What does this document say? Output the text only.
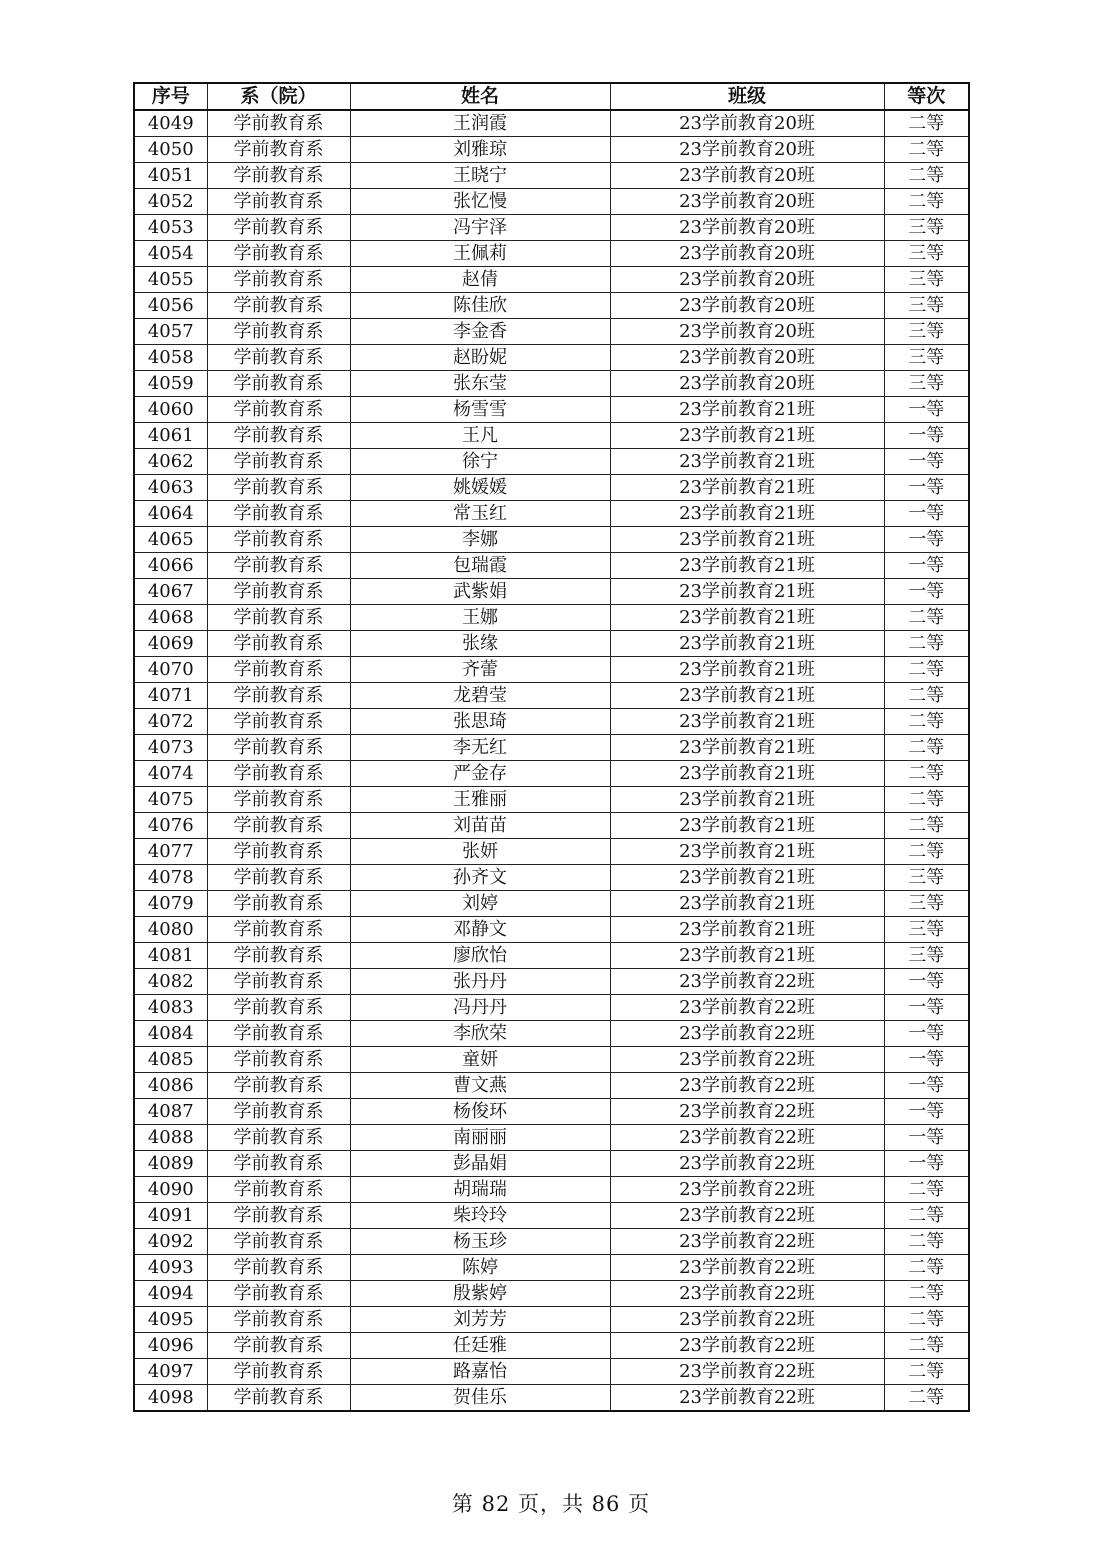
序号	系（院）	姓名	班级	等次
4049	学前教育系	王润霞	23学前教育20班	二等
4050	学前教育系	刘雅琼	23学前教育20班	二等
4051	学前教育系	王晓宁	23学前教育20班	二等
4052	学前教育系	张忆慢	23学前教育20班	二等
4053	学前教育系	冯宇泽	23学前教育20班	三等
4054	学前教育系	王佩莉	23学前教育20班	三等
4055	学前教育系	赵倩	23学前教育20班	三等
4056	学前教育系	陈佳欣	23学前教育20班	三等
4057	学前教育系	李金香	23学前教育20班	三等
4058	学前教育系	赵盼妮	23学前教育20班	三等
4059	学前教育系	张东莹	23学前教育20班	三等
4060	学前教育系	杨雪雪	23学前教育21班	一等
4061	学前教育系	王凡	23学前教育21班	一等
4062	学前教育系	徐宁	23学前教育21班	一等
4063	学前教育系	姚媛媛	23学前教育21班	一等
4064	学前教育系	常玉红	23学前教育21班	一等
4065	学前教育系	李娜	23学前教育21班	一等
4066	学前教育系	包瑞霞	23学前教育21班	一等
4067	学前教育系	武紫娟	23学前教育21班	一等
4068	学前教育系	王娜	23学前教育21班	二等
4069	学前教育系	张缘	23学前教育21班	二等
4070	学前教育系	齐蕾	23学前教育21班	二等
4071	学前教育系	龙碧莹	23学前教育21班	二等
4072	学前教育系	张思琦	23学前教育21班	二等
4073	学前教育系	李无红	23学前教育21班	二等
4074	学前教育系	严金存	23学前教育21班	二等
4075	学前教育系	王雅丽	23学前教育21班	二等
4076	学前教育系	刘苗苗	23学前教育21班	二等
4077	学前教育系	张妍	23学前教育21班	二等
4078	学前教育系	孙齐文	23学前教育21班	三等
4079	学前教育系	刘婷	23学前教育21班	三等
4080	学前教育系	邓静文	23学前教育21班	三等
4081	学前教育系	廖欣怡	23学前教育21班	三等
4082	学前教育系	张丹丹	23学前教育22班	一等
4083	学前教育系	冯丹丹	23学前教育22班	一等
4084	学前教育系	李欣荣	23学前教育22班	一等
4085	学前教育系	童妍	23学前教育22班	一等
4086	学前教育系	曹文燕	23学前教育22班	一等
4087	学前教育系	杨俊环	23学前教育22班	一等
4088	学前教育系	南丽丽	23学前教育22班	一等
4089	学前教育系	彭晶娟	23学前教育22班	一等
4090	学前教育系	胡瑞瑞	23学前教育22班	二等
4091	学前教育系	柴玲玲	23学前教育22班	二等
4092	学前教育系	杨玉珍	23学前教育22班	二等
4093	学前教育系	陈婷	23学前教育22班	二等
4094	学前教育系	殷紫婷	23学前教育22班	二等
4095	学前教育系	刘芳芳	23学前教育22班	二等
4096	学前教育系	任廷雅	23学前教育22班	二等
4097	学前教育系	路嘉怡	23学前教育22班	二等
4098	学前教育系	贺佳乐	23学前教育22班	二等
第 82 页，共 86 页
